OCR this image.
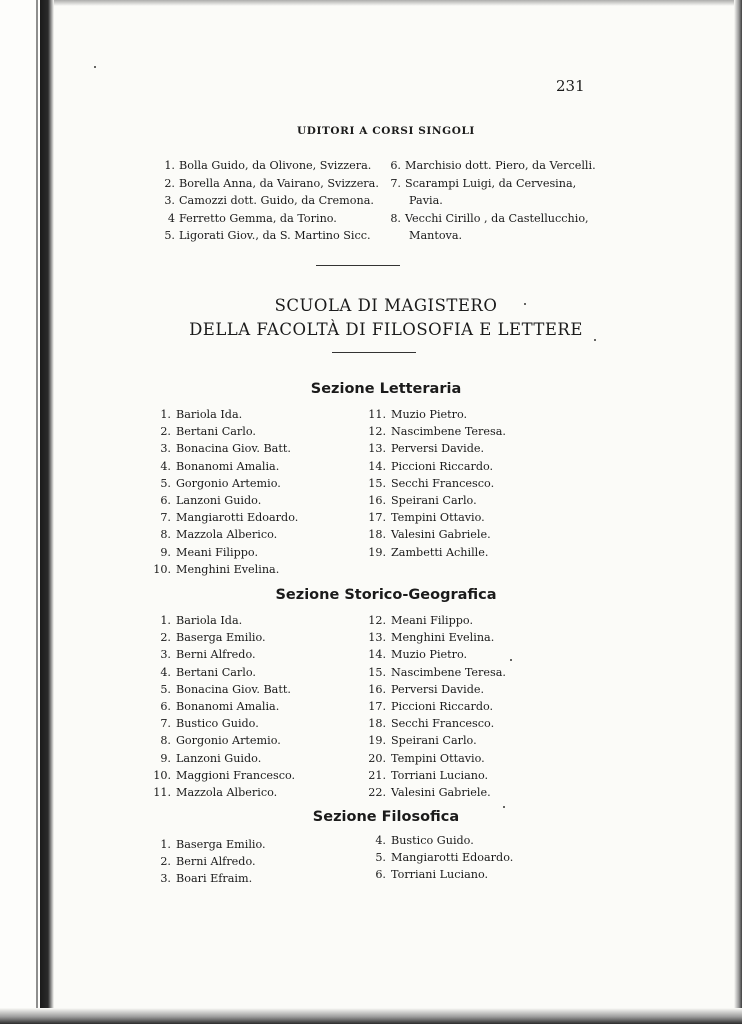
231
UDITORI A CORSI SINGOLI
1. Bolla Guido, da Olivone, Svizzera.
2. Borella Anna, da Vairano, Svizzera.
3. Camozzi dott. Guido, da Cremona.
4 Ferretto Gemma, da Torino.
5. Ligorati Giov., da S. Martino Sicc.
6. Marchisio dott. Piero, da Vercelli.
7. Scarampi Luigi, da Cervesina,
Pavia.
8. Vecchi Cirillo , da Castellucchio,
Mantova.
SCUOLA DI MAGISTERO
DELLA FACOLTÀ DI FILOSOFIA E LETTERE
Sezione Letteraria
1. Bariola Ida.
2. Bertani Carlo.
3. Bonacina Giov. Batt.
4. Bonanomi Amalia.
5. Gorgonio Artemio.
6. Lanzoni Guido.
7. Mangiarotti Edoardo.
8. Mazzola Alberico.
9. Meani Filippo.
10. Menghini Evelina.
11. Muzio Pietro.
12. Nascimbene Teresa.
13. Perversi Davide.
14. Piccioni Riccardo.
15. Secchi Francesco.
16. Speirani Carlo.
17. Tempini Ottavio.
18. Valesini Gabriele.
19. Zambetti Achille.
Sezione Storico-Geografica
1. Bariola Ida.
2. Baserga Emilio.
3. Berni Alfredo.
4. Bertani Carlo.
5. Bonacina Giov. Batt.
6. Bonanomi Amalia.
7. Bustico Guido.
8. Gorgonio Artemio.
9. Lanzoni Guido.
10. Maggioni Francesco.
11. Mazzola Alberico.
12. Meani Filippo.
13. Menghini Evelina.
14. Muzio Pietro.
15. Nascimbene Teresa.
16. Perversi Davide.
17. Piccioni Riccardo.
18. Secchi Francesco.
19. Speirani Carlo.
20. Tempini Ottavio.
21. Torriani Luciano.
22. Valesini Gabriele.
Sezione Filosofica
1. Baserga Emilio.
2. Berni Alfredo.
3. Boari Efraim.
4. Bustico Guido.
5. Mangiarotti Edoardo.
6. Torriani Luciano.
